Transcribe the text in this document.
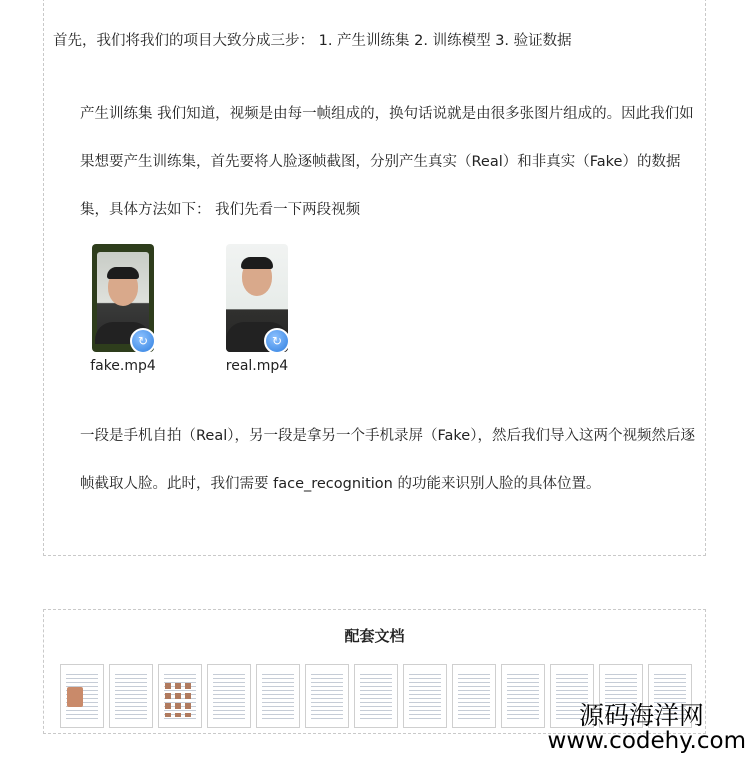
首先，我们将我们的项目大致分成三步： 1. 产生训练集 2. 训练模型 3. 验证数据

产生训练集 我们知道，视频是由每一帧组成的，换句话说就是由很多张图片组成的。因此我们如果想要产生训练集，首先要将人脸逐帧截图，分别产生真实（Real）和非真实（Fake）的数据集，具体方法如下： 我们先看一下两段视频

↻
fake.mp4
↻
real.mp4

一段是手机自拍（Real），另一段是拿另一个手机录屏（Fake），然后我们导入这两个视频然后逐帧截取人脸。此时，我们需要 face_recognition 的功能来识别人脸的具体位置。

配套文档
源码海洋网
www.codehy.com
